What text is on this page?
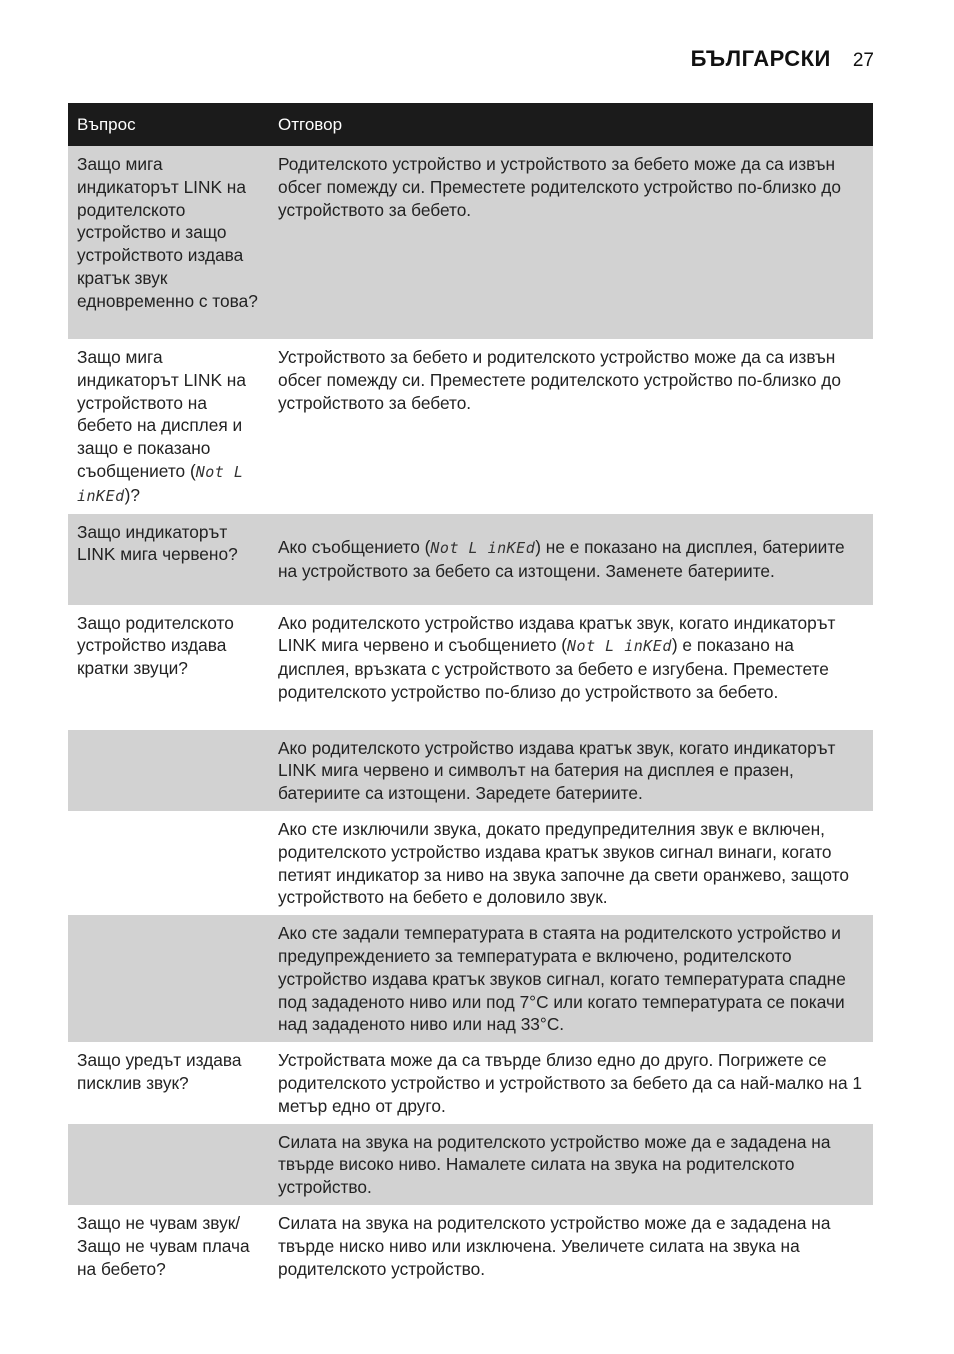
БЪЛГАРСКИ 27
Въпрос	Отговор
Защо мига индикаторът LINK на родителското устройство и защо устройството издава кратък звук едновременно с това?	Родителското устройство и устройството за бебето може да са извън обсег помежду си. Преместете родителското устройство по-близко до устройството за бебето.
Защо мига индикаторът LINK на устройството на бебето на дисплея и защо е показано съобщението (Not L inKEd)?	Устройството за бебето и родителското устройство може да са извън обсег помежду си. Преместете родителското устройство по-близко до устройството за бебето.
Защо индикаторът LINK мига червено?	Ако съобщението (Not L inKEd) не е показано на дисплея, батериите на устройството за бебето са изтощени. Заменете батериите.
Защо родителското устройство издава кратки звуци?	Ако родителското устройство издава кратък звук, когато индикаторът LINK мига червено и съобщението (Not L inKEd) е показано на дисплея, връзката с устройството за бебето е изгубена. Преместете родителското устройство по-близо до устройството за бебето.
	Ако родителското устройство издава кратък звук, когато индикаторът LINK мига червено и символът на батерия на дисплея е празен, батериите са изтощени. Заредете батериите.
	Ако сте изключили звука, докато предупредителния звук е включен, родителското устройство издава кратък звуков сигнал винаги, когато петият индикатор за ниво на звука започне да свети оранжево, защото устройството на бебето е доловило звук.
	Ако сте задали температурата в стаята на родителското устройство и предупреждението за температурата е включено, родителското устройство издава кратък звуков сигнал, когато температурата спадне под зададеното ниво или под 7°C или когато температурата се покачи над зададеното ниво или над 33°C.
Защо уредът издава писклив звук?	Устройствата може да са твърде близо едно до друго. Погрижете се родителското устройство и устройството за бебето да са най-малко на 1 метър едно от друго.
	Силата на звука на родителското устройство може да е зададена на твърде високо ниво. Намалете силата на звука на родителското устройство.
Защо не чувам звук/ Защо не чувам плача на бебето?	Силата на звука на родителското устройство може да е зададена на твърде ниско ниво или изключена. Увеличете силата на звука на родителското устройство.
